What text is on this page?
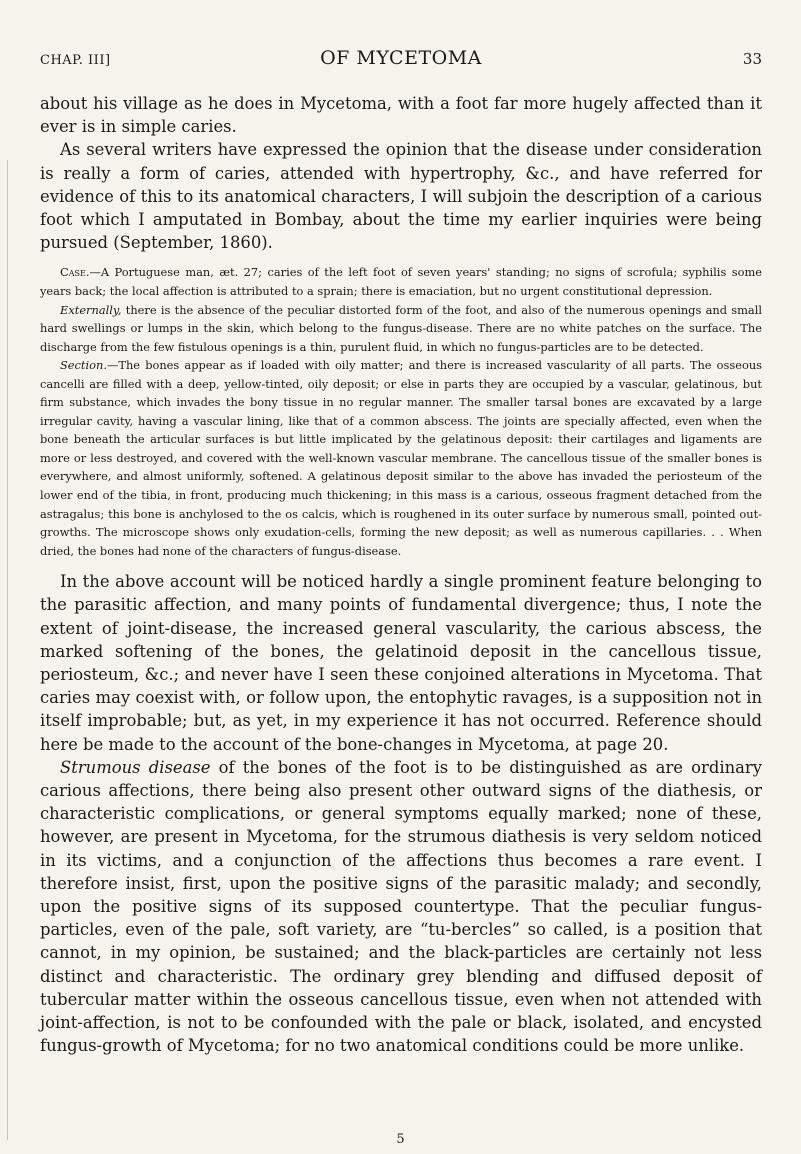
CHAP. III]	OF MYCETOMA	33

about his village as he does in Mycetoma, with a foot far more hugely affected than it ever is in simple caries.

As several writers have expressed the opinion that the disease under consideration is really a form of caries, attended with hypertrophy, &c., and have referred for evidence of this to its anatomical characters, I will subjoin the description of a carious foot which I amputated in Bombay, about the time my earlier inquiries were being pursued (September, 1860).

Case.—A Portuguese man, æt. 27; caries of the left foot of seven years' standing; no signs of scrofula; syphilis some years back; the local affection is attributed to a sprain; there is emaciation, but no urgent constitutional depression.

Externally, there is the absence of the peculiar distorted form of the foot, and also of the numerous openings and small hard swellings or lumps in the skin, which belong to the fungus-disease. There are no white patches on the surface. The discharge from the few fistulous openings is a thin, purulent fluid, in which no fungus-particles are to be detected.

Section.—The bones appear as if loaded with oily matter; and there is increased vascularity of all parts. The osseous cancelli are filled with a deep, yellow-tinted, oily deposit; or else in parts they are occupied by a vascular, gelatinous, but firm substance, which invades the bony tissue in no regular manner. The smaller tarsal bones are excavated by a large irregular cavity, having a vascular lining, like that of a common abscess. The joints are specially affected, even when the bone beneath the articular surfaces is but little implicated by the gelatinous deposit: their cartilages and ligaments are more or less destroyed, and covered with the well-known vascular membrane. The cancellous tissue of the smaller bones is everywhere, and almost uniformly, softened. A gelatinous deposit similar to the above has invaded the periosteum of the lower end of the tibia, in front, producing much thickening; in this mass is a carious, osseous fragment detached from the astragalus; this bone is anchylosed to the os calcis, which is roughened in its outer surface by numerous small, pointed out-growths. The microscope shows only exudation-cells, forming the new deposit; as well as numerous capillaries. . . When dried, the bones had none of the characters of fungus-disease.

In the above account will be noticed hardly a single prominent feature belonging to the parasitic affection, and many points of fundamental divergence; thus, I note the extent of joint-disease, the increased general vascularity, the carious abscess, the marked softening of the bones, the gelatinoid deposit in the cancellous tissue, periosteum, &c.; and never have I seen these conjoined alterations in Mycetoma. That caries may coexist with, or follow upon, the entophytic ravages, is a supposition not in itself improbable; but, as yet, in my experience it has not occurred. Reference should here be made to the account of the bone-changes in Mycetoma, at page 20.

Strumous disease of the bones of the foot is to be distinguished as are ordinary carious affections, there being also present other outward signs of the diathesis, or characteristic complications, or general symptoms equally marked; none of these, however, are present in Mycetoma, for the strumous diathesis is very seldom noticed in its victims, and a conjunction of the affections thus becomes a rare event. I therefore insist, first, upon the positive signs of the parasitic malady; and secondly, upon the positive signs of its supposed countertype. That the peculiar fungus-particles, even of the pale, soft variety, are “tu-bercles” so called, is a position that cannot, in my opinion, be sustained; and the black-particles are certainly not less distinct and characteristic. The ordinary grey blending and diffused deposit of tubercular matter within the osseous cancellous tissue, even when not attended with joint-affection, is not to be confounded with the pale or black, isolated, and encysted fungus-growth of Mycetoma; for no two anatomical conditions could be more unlike.

5
